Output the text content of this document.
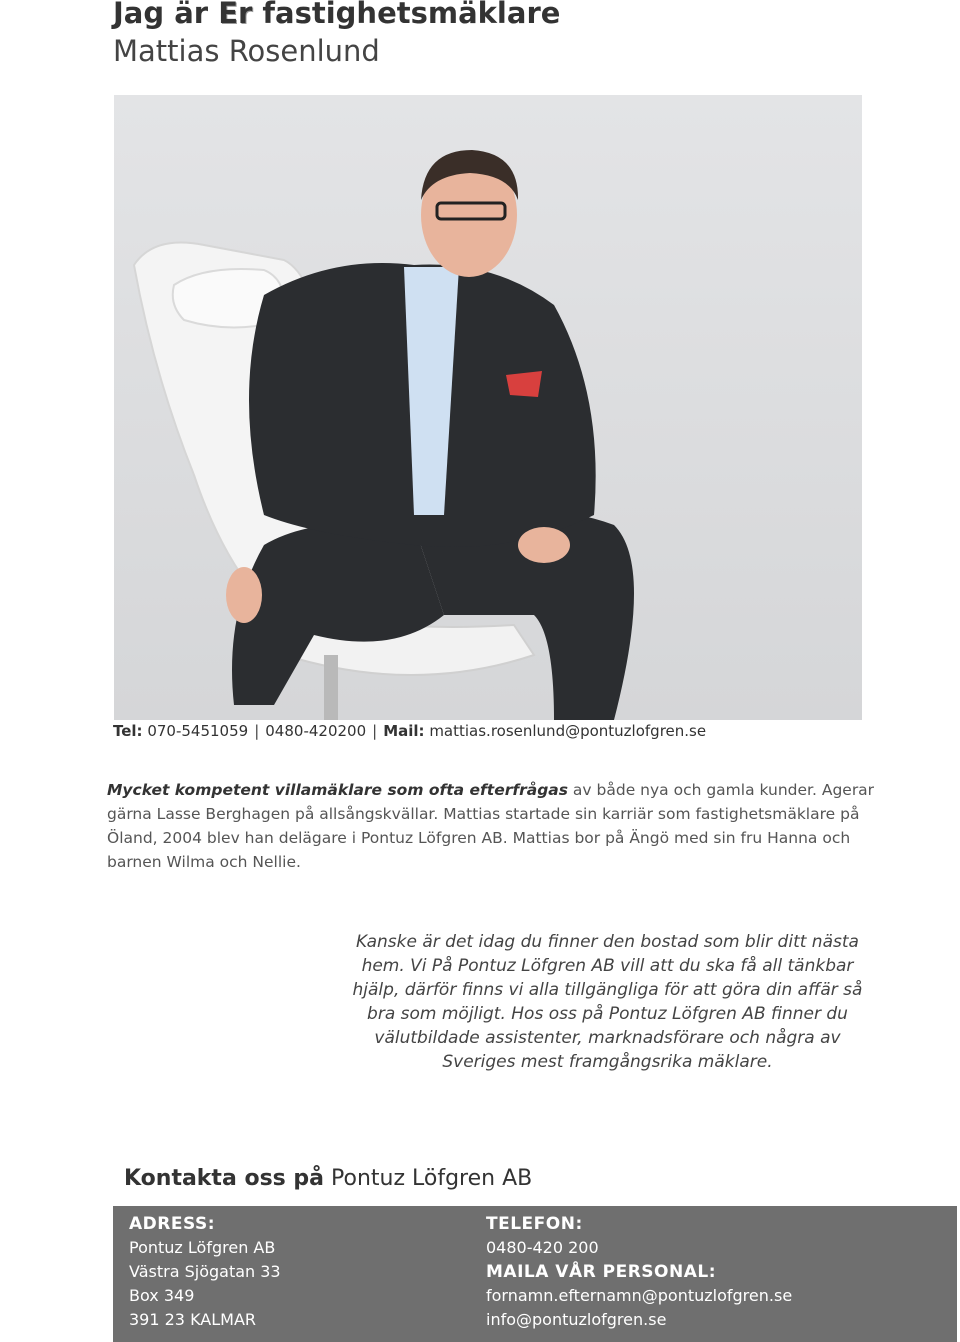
Jag är Er fastighetsmäklare
Mattias Rosenlund
Tel: 070-5451059 | 0480-420200 | Mail: mattias.rosenlund@pontuzlofgren.se
Mycket kompetent villamäklare som ofta efterfrågas av både nya och gamla kunder. Agerar gärna Lasse Berghagen på allsångskvällar. Mattias startade sin karriär som fastighetsmäklare på Öland, 2004 blev han delägare i Pontuz Löfgren AB. Mattias bor på Ängö med sin fru Hanna och barnen Wilma och Nellie.
Kanske är det idag du finner den bostad som blir ditt nästa hem. Vi På Pontuz Löfgren AB vill att du ska få all tänkbar hjälp, därför finns vi alla tillgängliga för att göra din affär så bra som möjligt. Hos oss på Pontuz Löfgren AB finner du välutbildade assistenter, marknadsförare och några av Sveriges mest framgångsrika mäklare.
Kontakta oss på Pontuz Löfgren AB
ADRESS:
Pontuz Löfgren AB
Västra Sjögatan 33
Box 349
391 23 KALMAR
TELEFON:
0480-420 200
MAILA VÅR PERSONAL:
fornamn.efternamn@pontuzlofgren.se
info@pontuzlofgren.se
